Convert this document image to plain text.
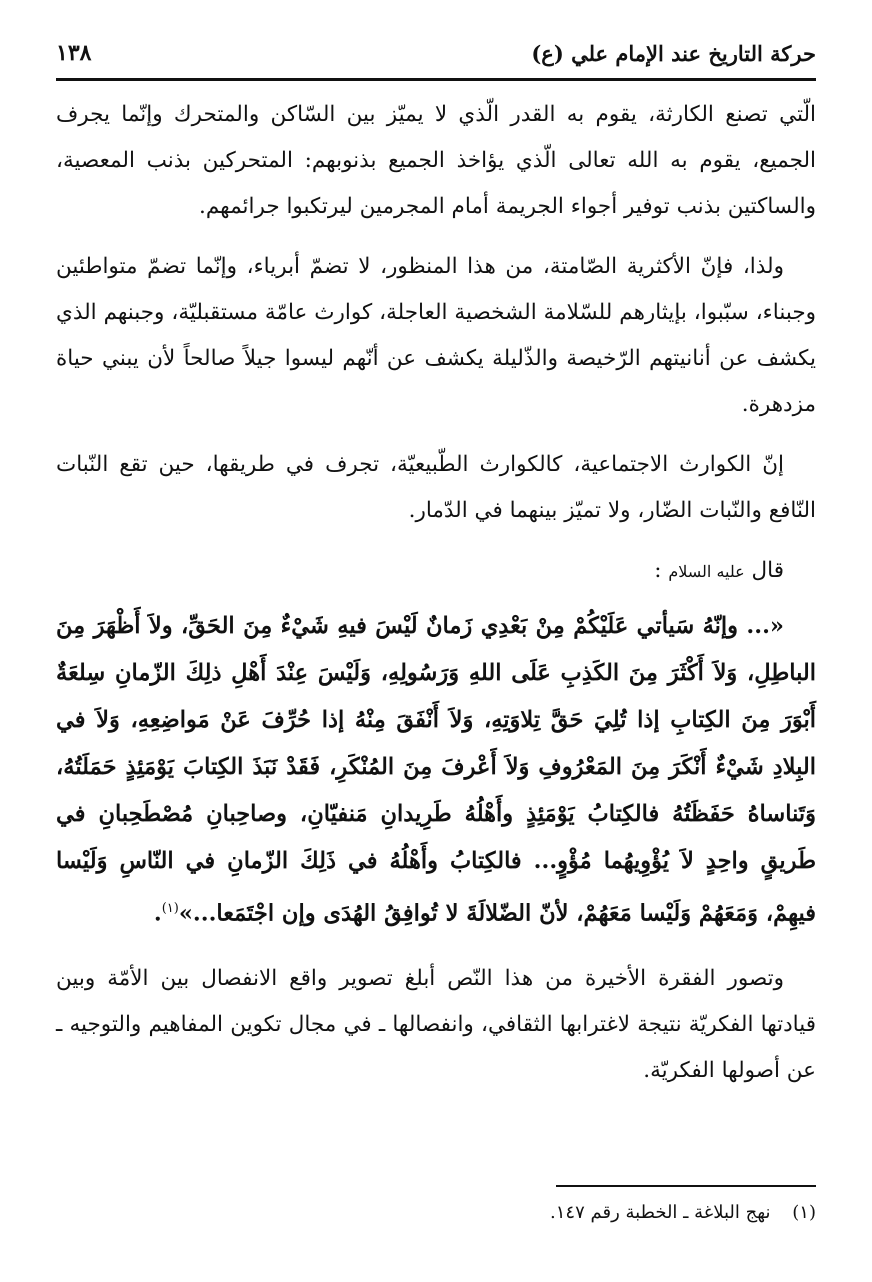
حركة التاريخ عند الإمام علي (ع)
١٣٨

الّتي تصنع الكارثة، يقوم به القدر الّذي لا يميّز بين السّاكن والمتحرك وإنّما يجرف الجميع، يقوم به الله تعالى الّذي يؤاخذ الجميع بذنوبهم: المتحركين بذنب المعصية، والساكتين بذنب توفير أجواء الجريمة أمام المجرمين ليرتكبوا جرائمهم.

ولذا، فإنّ الأكثرية الصّامتة، من هذا المنظور، لا تضمّ أبرياء، وإنّما تضمّ متواطئين وجبناء، سبّبوا، بإيثارهم للسّلامة الشخصية العاجلة، كوارث عامّة مستقبليّة، وجبنهم الذي يكشف عن أنانيتهم الرّخيصة والذّليلة يكشف عن أنّهم ليسوا جيلاً صالحاً لأن يبني حياة مزدهرة.

إنّ الكوارث الاجتماعية، كالكوارث الطّبيعيّة، تجرف في طريقها، حين تقع النّبات النّافع والنّبات الضّار، ولا تميّز بينهما في الدّمار.

قال عليه السلام :

«... وإنّهُ سَيأتي عَلَيْكُمْ مِنْ بَعْدِي زَمانٌ لَيْسَ فيهِ شَيْءٌ مِنَ الحَقِّ، ولاَ أَظْهَرَ مِنَ الباطِلِ، وَلاَ أَكْثَرَ مِنَ الكَذِبِ عَلَى اللهِ وَرَسُولِهِ، وَلَيْسَ عِنْدَ أَهْلِ ذلِكَ الزّمانِ سِلعَةٌ أَبْوَرَ مِنَ الكِتابِ إذا تُلِيَ حَقَّ تِلاوَتِهِ، وَلاَ أَنْفَقَ مِنْهُ إذا حُرِّفَ عَنْ مَواضِعِهِ، وَلاَ في البِلادِ شَيْءٌ أَنْكَرَ مِنَ المَعْرُوفِ وَلاَ أَعْرفَ مِنَ المُنْكَرِ، فَقَدْ نَبَذَ الكِتابَ يَوْمَئِذٍ حَمَلَتُهُ، وَتَناساهُ حَفَظَتُهُ فالكِتابُ يَوْمَئِذٍ وأَهْلُهُ طَرِيدانِ مَنفيّانِ، وصاحِبانِ مُصْطَحِبانِ في طَريقٍ واحِدٍ لاَ يُؤْوِيهُما مُؤْوٍ... فالكِتابُ وأَهْلُهُ في ذَلِكَ الزّمانِ في النّاسِ وَلَيْسا فيهِمْ، وَمَعَهُمْ وَلَيْسا مَعَهُمْ، لأنّ الضّلالَةَ لا تُوافِقُ الهُدَى وإن اجْتَمَعا...»$^{(١)}$.

وتصور الفقرة الأخيرة من هذا النّص أبلغ تصوير واقع الانفصال بين الأمّة وبين قيادتها الفكريّة نتيجة لاغترابها الثقافي، وانفصالها ـ في مجال تكوين المفاهيم والتوجيه ـ عن أصولها الفكريّة.

(١) نهج البلاغة ـ الخطبة رقم ١٤٧.
